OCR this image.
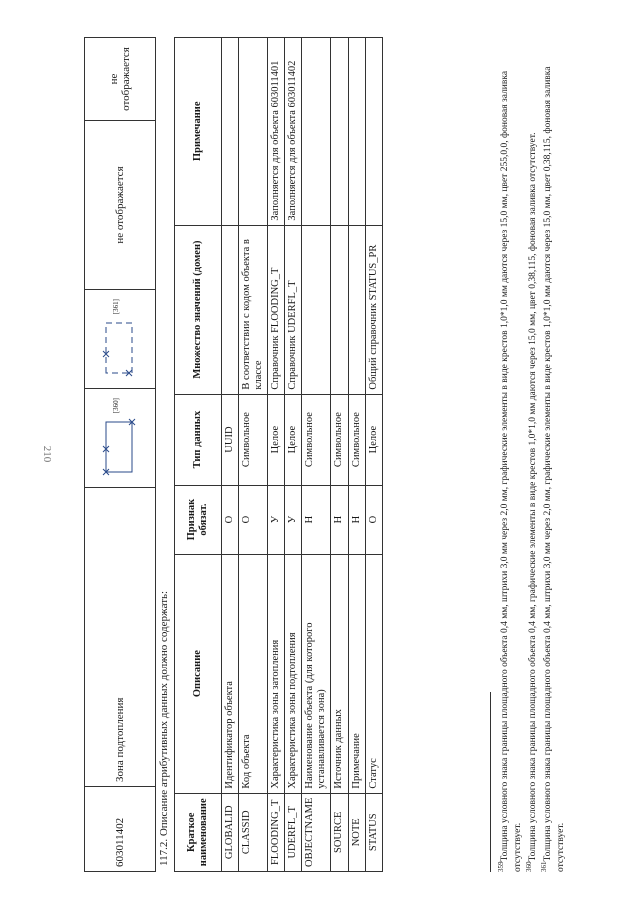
210
603011402	Зона подтопления	[360]	[361]	не отображается	не отображается
117.2. Описание атрибутивных данных должно содержать: Краткое наименование	Описание	Признак обязат.	Тип данных	Множество значений (домен)	Примечание
GLOBALID	Идентификатор объекта	О	UUID		
CLASSID	Код объекта	О	Символьное	В соответствии с кодом объекта в классе	
FLOODING_T	Характеристика зоны затопления	У	Целое	Справочник FLOODING_T	Заполняется для объекта 603011401
UDERFL_T	Характеристика зоны подтопления	У	Целое	Справочник UDERFL_T	Заполняется для объекта 603011402
OBJECTNAME	Наименование объекта (для которого устанавливается зона)	Н	Символьное		
SOURCE	Источник данных	Н	Символьное		
NOTE	Примечание	Н	Символьное		
STATUS	Статус	О	Целое	Общий справочник STATUS_PR	

$^{359}$Толщина условного знака границы площадного объекта 0,4 мм, штрихи 3,0 мм через 2,0 мм, графические элементы в виде крестов 1,0*1,0 мм даются через 15,0 мм, цвет 255,0,0, фоновая заливка отсутствует. $^{360}$Толщина условного знака границы площадного объекта 0,4 мм, графические элементы в виде крестов 1,0*1,0 мм даются через 15,0 мм, цвет 0,38,115, фоновая заливка отсутствует.

$^{361}$Толщина условного знака границы площадного объекта 0,4 мм, штрихи 3,0 мм через 2,0 мм, графические элементы в виде крестов 1,0*1,0 мм даются через 15,0 мм, цвет 0,38,115, фоновая заливка отсутствует.
